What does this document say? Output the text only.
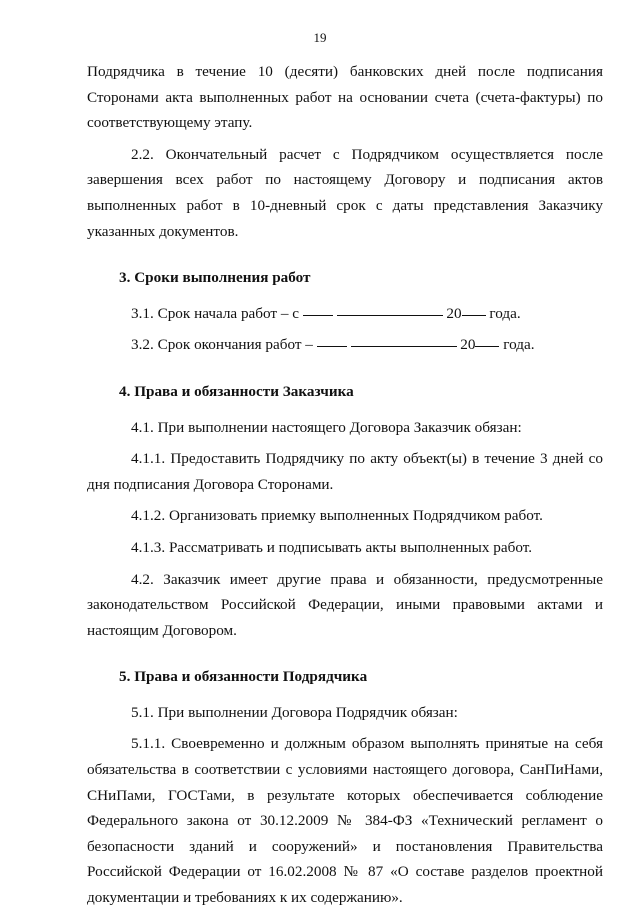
19

Подрядчика в течение 10 (десяти) банковских дней после подписания Сторонами акта выполненных работ на основании счета (счета-фактуры) по соответствующему этапу.

2.2. Окончательный расчет с Подрядчиком осуществляется после завершения всех работ по настоящему Договору и подписания актов выполненных работ в 10-дневный срок с даты представления Заказчику указанных документов.

3. Сроки выполнения работ

3.1. Срок начала работ – с	20 года.

3.2. Срок окончания работ –	20 года.

4. Права и обязанности Заказчика

4.1. При выполнении настоящего Договора Заказчик обязан:

4.1.1. Предоставить Подрядчику по акту объект(ы) в течение 3 дней со дня подписания Договора Сторонами.

4.1.2. Организовать приемку выполненных Подрядчиком работ.

4.1.3. Рассматривать и подписывать акты выполненных работ.

4.2. Заказчик имеет другие права и обязанности, предусмотренные законодательством Российской Федерации, иными правовыми актами и настоящим Договором.

5. Права и обязанности Подрядчика

5.1. При выполнении Договора Подрядчик обязан:

5.1.1. Своевременно и должным образом выполнять принятые на себя обязательства в соответствии с условиями настоящего договора, СанПиНами, СНиПами, ГОСТами, в результате которых обеспечивается соблюдение Федерального закона от 30.12.2009 № 384-ФЗ «Технический регламент о безопасности зданий и сооружений» и постановления Правительства Российской Федерации от 16.02.2008 № 87 «О составе разделов проектной документации и требованиях к их содержанию».
